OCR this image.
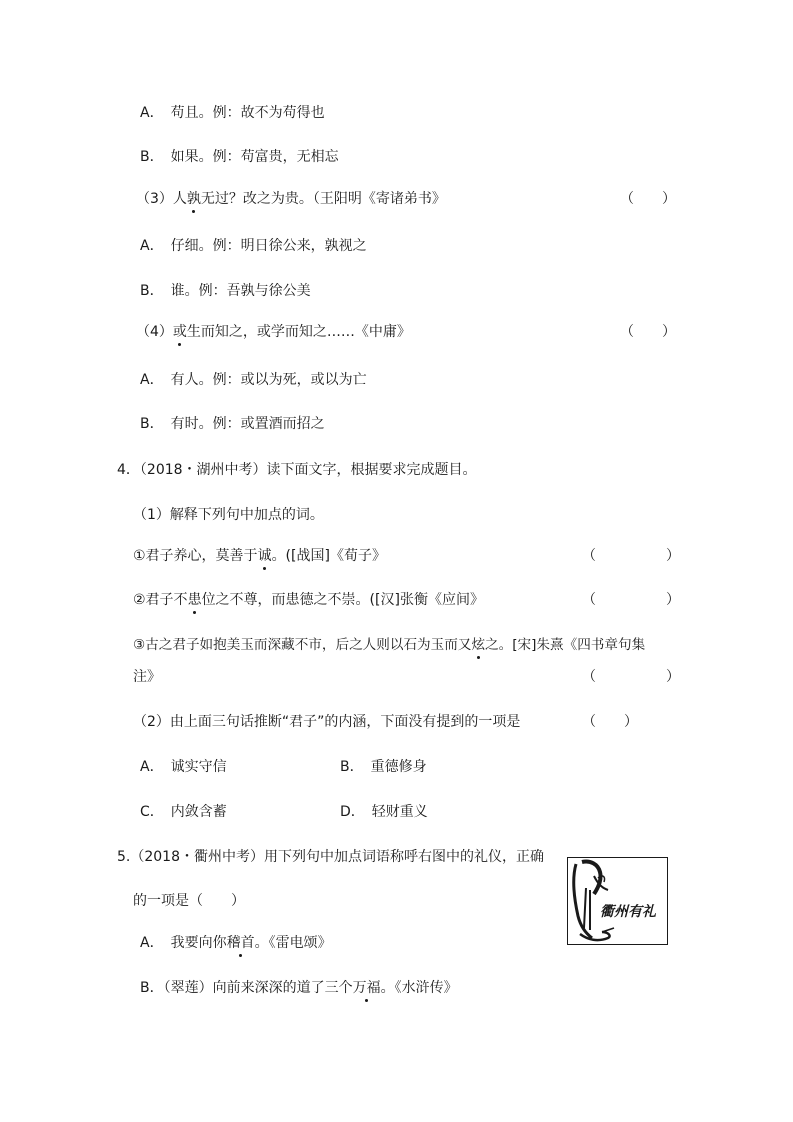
A．　苟且。例：故不为苟得也
B．　如果。例：苟富贵，无相忘
（3）人孰无过？改之为贵。（王阳明《寄诸弟书》	（　　）
A．　仔细。例：明日徐公来，孰视之
B．　谁。例：吾孰与徐公美
（4）或生而知之，或学而知之……《中庸》	（　　）
A．　有人。例：或以为死，或以为亡
B．　有时。例：或置酒而招之
4．（2018・湖州中考）读下面文字，根据要求完成题目。
（1）解释下列句中加点的词。
①君子养心，莫善于诚。([战国]《荀子》	（　　　　　）
②君子不患位之不尊，而患德之不崇。([汉]张衡《应间》	（　　　　　）
③古之君子如抱美玉而深藏不市，后之人则以石为玉而又炫之。[宋]朱熹《四书章句集
注》	（　　　　　）
（2）由上面三句话推断“君子”的内涵，下面没有提到的一项是	（　　）
A．　诚实守信	B．　重德修身
C．　内敛含蓄	D．　轻财重义
5.（2018・衢州中考）用下列句中加点词语称呼右图中的礼仪，正确
的一项是（　　）
A．　我要向你稽首。《雷电颂》
B．（翠莲）向前来深深的道了三个万福。《水浒传》
衢州有礼
